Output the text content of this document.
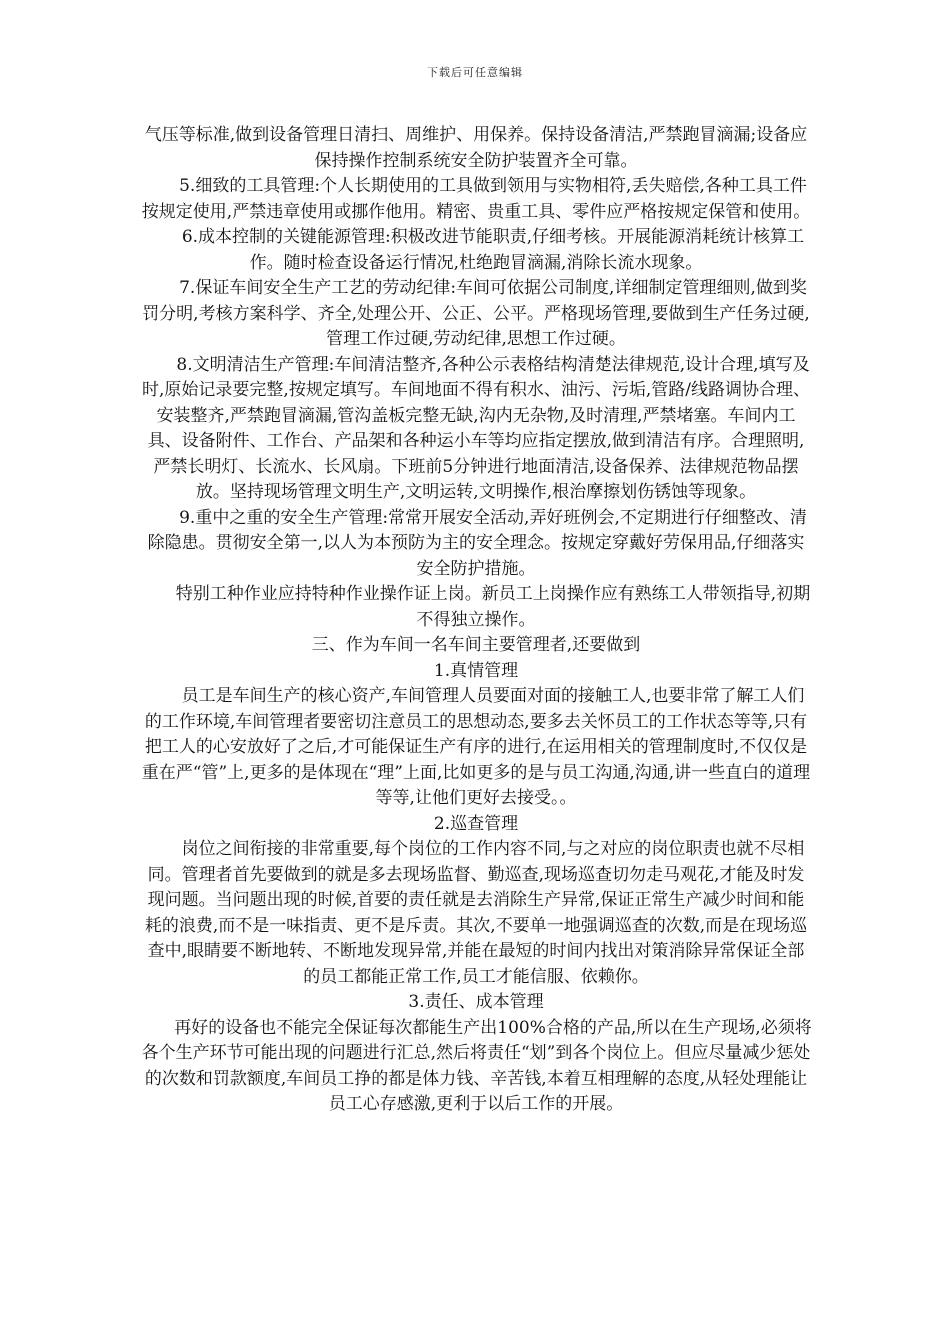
下载后可任意编辑

气压等标准,做到设备管理日清扫、周维护、用保养。保持设备清洁,严禁跑冒滴漏;设备应保持操作控制系统安全防护装置齐全可靠。

5.细致的工具管理:个人长期使用的工具做到领用与实物相符,丢失赔偿,各种工具工件按规定使用,严禁违章使用或挪作他用。精密、贵重工具、零件应严格按规定保管和使用。

6.成本控制的关键能源管理:积极改进节能职责,仔细考核。开展能源消耗统计核算工作。随时检查设备运行情况,杜绝跑冒滴漏,消除长流水现象。

7.保证车间安全生产工艺的劳动纪律:车间可依据公司制度,详细制定管理细则,做到奖罚分明,考核方案科学、齐全,处理公开、公正、公平。严格现场管理,要做到生产任务过硬,管理工作过硬,劳动纪律,思想工作过硬。

8.文明清洁生产管理:车间清洁整齐,各种公示表格结构清楚法律规范,设计合理,填写及时,原始记录要完整,按规定填写。车间地面不得有积水、油污、污垢,管路/线路调协合理、安装整齐,严禁跑冒滴漏,管沟盖板完整无缺,沟内无杂物,及时清理,严禁堵塞。车间内工具、设备附件、工作台、产品架和各种运小车等均应指定摆放,做到清洁有序。合理照明,严禁长明灯、长流水、长风扇。下班前5分钟进行地面清洁,设备保养、法律规范物品摆放。坚持现场管理文明生产,文明运转,文明操作,根治摩擦划伤锈蚀等现象。

9.重中之重的安全生产管理:常常开展安全活动,弄好班例会,不定期进行仔细整改、清除隐患。贯彻安全第一,以人为本预防为主的安全理念。按规定穿戴好劳保用品,仔细落实安全防护措施。

特别工种作业应持特种作业操作证上岗。新员工上岗操作应有熟练工人带领指导,初期不得独立操作。

三、作为车间一名车间主要管理者,还要做到

1.真情管理

员工是车间生产的核心资产,车间管理人员要面对面的接触工人,也要非常了解工人们的工作环境,车间管理者要密切注意员工的思想动态,要多去关怀员工的工作状态等等,只有把工人的心安放好了之后,才可能保证生产有序的进行,在运用相关的管理制度时,不仅仅是重在严“管”上,更多的是体现在“理”上面,比如更多的是与员工沟通,沟通,讲一些直白的道理等等,让他们更好去接受。。

2.巡查管理

岗位之间衔接的非常重要,每个岗位的工作内容不同,与之对应的岗位职责也就不尽相同。管理者首先要做到的就是多去现场监督、勤巡查,现场巡查切勿走马观花,才能及时发现问题。当问题出现的时候,首要的责任就是去消除生产异常,保证正常生产减少时间和能耗的浪费,而不是一味指责、更不是斥责。其次,不要单一地强调巡查的次数,而是在现场巡查中,眼睛要不断地转、不断地发现异常,并能在最短的时间内找出对策消除异常保证全部的员工都能正常工作,员工才能信服、依赖你。

3.责任、成本管理

再好的设备也不能完全保证每次都能生产出100%合格的产品,所以在生产现场,必须将各个生产环节可能出现的问题进行汇总,然后将责任“划”到各个岗位上。但应尽量减少惩处的次数和罚款额度,车间员工挣的都是体力钱、辛苦钱,本着互相理解的态度,从轻处理能让员工心存感激,更利于以后工作的开展。
